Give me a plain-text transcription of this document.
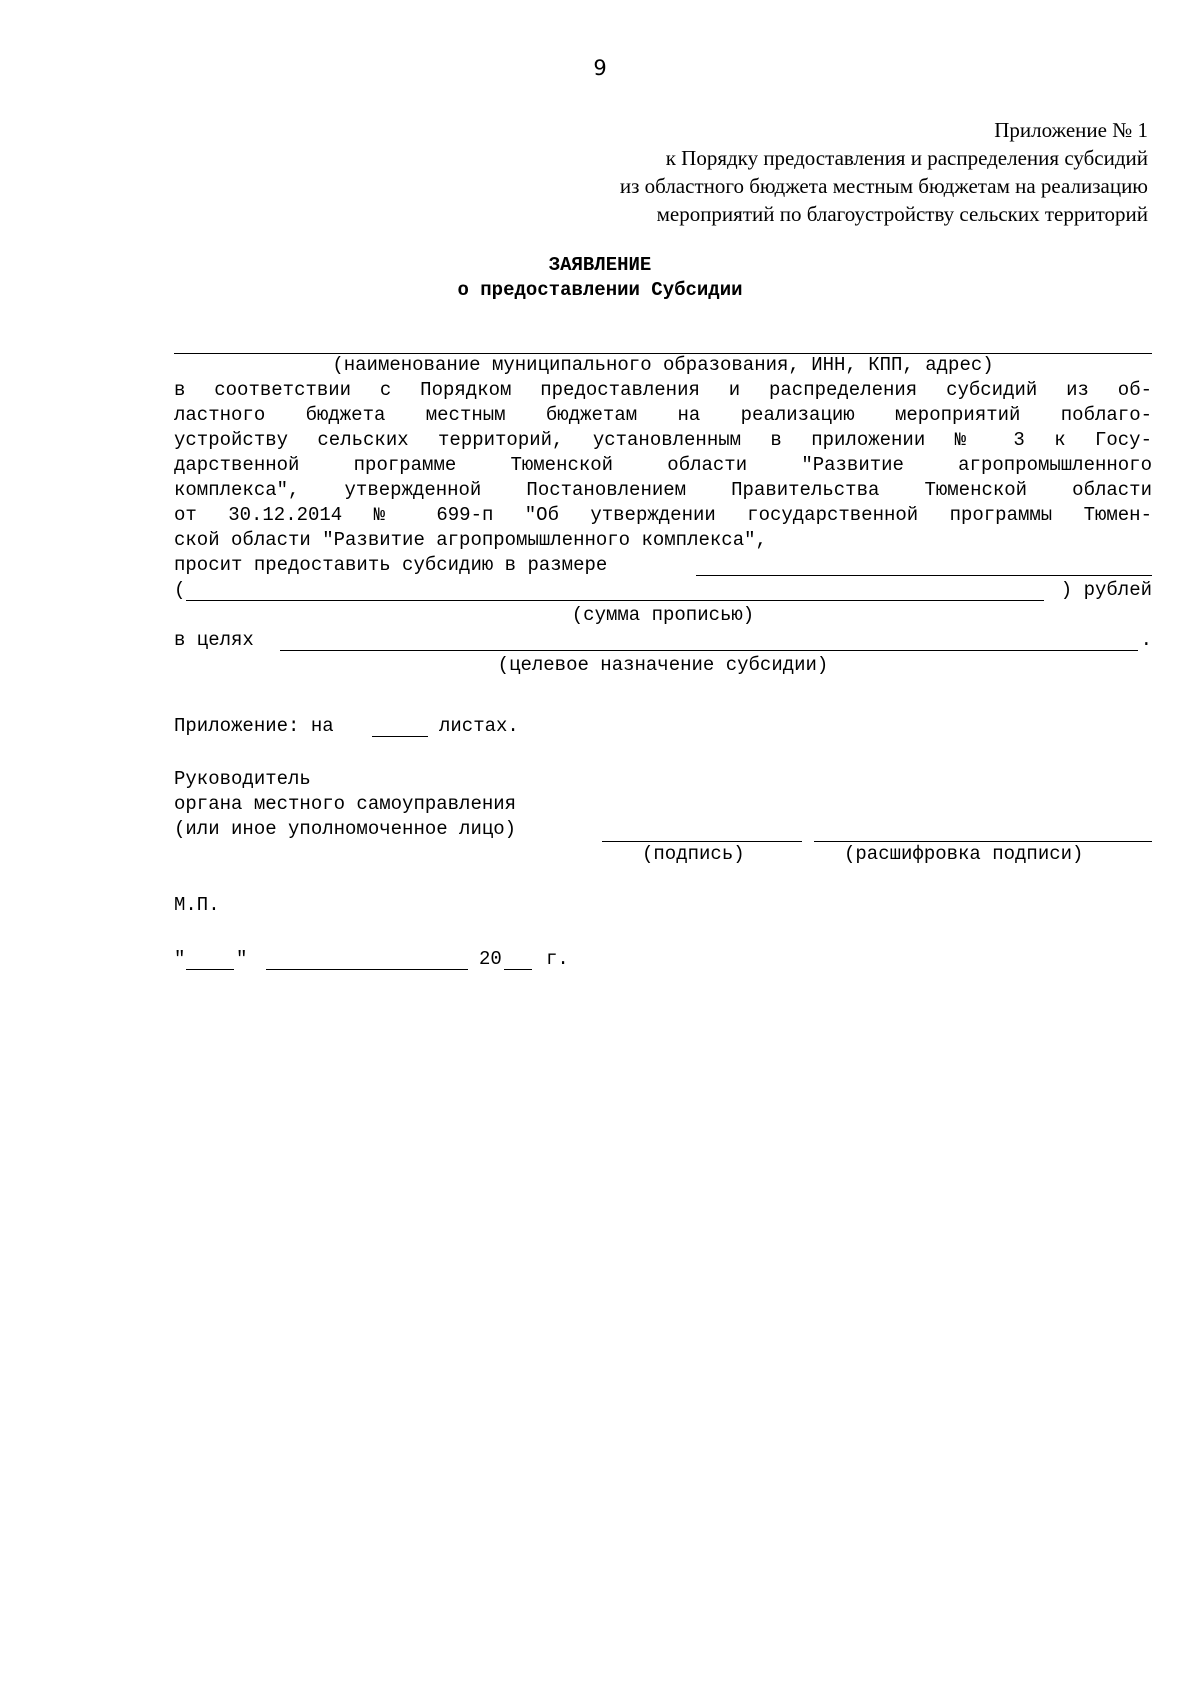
9
Приложение № 1
к Порядку предоставления и распределения субсидий
из областного бюджета местным бюджетам на реализацию
мероприятий по благоустройству сельских территорий
ЗАЯВЛЕНИЕ
о предоставлении Субсидии
(наименование муниципального образования, ИНН, КПП, адрес)
в соответствии с Порядком предоставления и распределения субсидий из об-
ластного бюджета местным бюджетам на реализацию мероприятий поблаго-
устройству сельских территорий, установленным в приложении № 3 к Госу-
дарственной программе Тюменской области "Развитие агропромышленного
комплекса", утвержденной Постановлением Правительства Тюменской области
от 30.12.2014 № 699-п "Об утверждении государственной программы Тюмен-
ской области "Развитие агропромышленного комплекса",
просит предоставить субсидию в размере
(	) рублей
(сумма прописью)
в целях	.
(целевое назначение субсидии)
Приложение: на	листах.
Руководитель
органа местного самоуправления
(или иное уполномоченное лицо)
(подпись)	(расшифровка подписи)
М.П.
"	"	20 г.
